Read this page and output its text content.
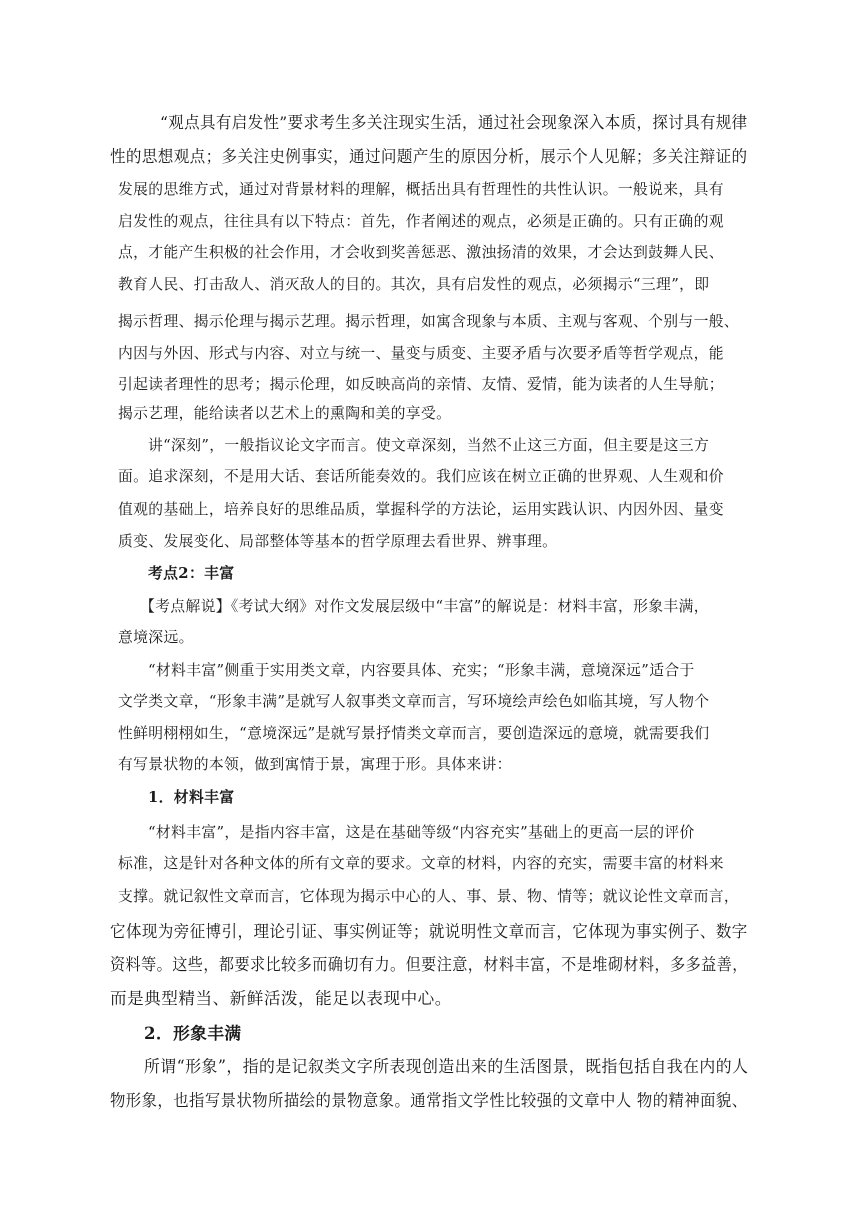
“观点具有启发性”要求考生多关注现实生活，通过社会现象深入本质，探讨具有规律
性的思想观点；多关注史例事实，通过问题产生的原因分析，展示个人见解；多关注辩证的
发展的思维方式，通过对背景材料的理解，概括出具有哲理性的共性认识。一般说来，具有
启发性的观点，往往具有以下特点：首先，作者阐述的观点，必须是正确的。只有正确的观
点，才能产生积极的社会作用，才会收到奖善惩恶、激浊扬清的效果，才会达到鼓舞人民、
教育人民、打击敌人、消灭敌人的目的。其次，具有启发性的观点，必须揭示“三理”，即
揭示哲理、揭示伦理与揭示艺理。揭示哲理，如寓含现象与本质、主观与客观、个别与一般、
内因与外因、形式与内容、对立与统一、量变与质变、主要矛盾与次要矛盾等哲学观点，能
引起读者理性的思考；揭示伦理，如反映高尚的亲情、友情、爱情，能为读者的人生导航；
揭示艺理，能给读者以艺术上的熏陶和美的享受。
讲“深刻”，一般指议论文字而言。使文章深刻，当然不止这三方面，但主要是这三方
面。追求深刻，不是用大话、套话所能奏效的。我们应该在树立正确的世界观、人生观和价
值观的基础上，培养良好的思维品质，掌握科学的方法论，运用实践认识、内因外因、量变
质变、发展变化、局部整体等基本的哲学原理去看世界、辨事理。
考点2：丰富
【考点解说】《考试大纲》对作文发展层级中“丰富”的解说是：材料丰富，形象丰满，
意境深远。
“材料丰富”侧重于实用类文章，内容要具体、充实；“形象丰满，意境深远”适合于
文学类文章，“形象丰满”是就写人叙事类文章而言，写环境绘声绘色如临其境，写人物个
性鲜明栩栩如生，“意境深远”是就写景抒情类文章而言，要创造深远的意境，就需要我们
有写景状物的本领，做到寓情于景，寓理于形。具体来讲：
1．材料丰富
“材料丰富”，是指内容丰富，这是在基础等级“内容充实”基础上的更高一层的评价
标准，这是针对各种文体的所有文章的要求。文章的材料，内容的充实，需要丰富的材料来
支撑。就记叙性文章而言，它体现为揭示中心的人、事、景、物、情等；就议论性文章而言，
它体现为旁征博引，理论引证、事实例证等；就说明性文章而言，它体现为事实例子、数字
资料等。这些，都要求比较多而确切有力。但要注意，材料丰富，不是堆砌材料，多多益善，
而是典型精当、新鲜活泼，能足以表现中心。
2．形象丰满
所谓“形象”，指的是记叙类文字所表现创造出来的生活图景，既指包括自我在内的人
物形象，也指写景状物所描绘的景物意象。通常指文学性比较强的文章中人 物的精神面貌、
